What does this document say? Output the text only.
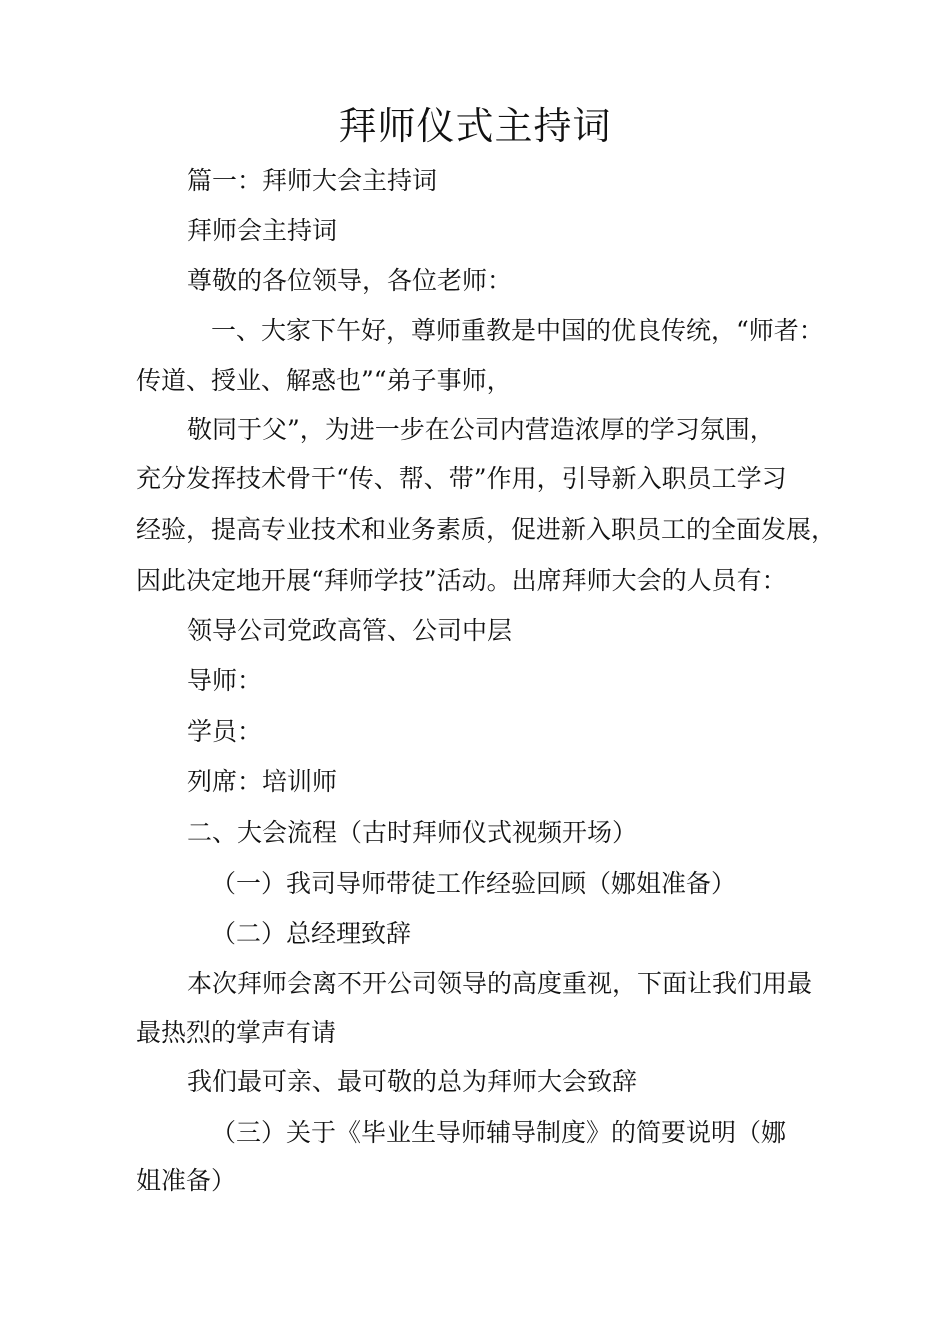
拜师仪式主持词
篇一：拜师大会主持词
拜师会主持词
尊敬的各位领导，各位老师：
一、大家下午好，尊师重教是中国的优良传统，“师者：
传道、授业、解惑也”“弟子事师，
敬同于父”，为进一步在公司内营造浓厚的学习氛围，
充分发挥技术骨干“传、帮、带”作用，引导新入职员工学习
经验，提高专业技术和业务素质，促进新入职员工的全面发展，
因此决定地开展“拜师学技”活动。出席拜师大会的人员有：
领导公司党政高管、公司中层
导师：
学员：
列席：培训师
二、大会流程（古时拜师仪式视频开场）
（一）我司导师带徒工作经验回顾（娜姐准备）
（二）总经理致辞
本次拜师会离不开公司领导的高度重视，下面让我们用最
最热烈的掌声有请
我们最可亲、最可敬的总为拜师大会致辞
（三）关于《毕业生导师辅导制度》的简要说明（娜
姐准备）
